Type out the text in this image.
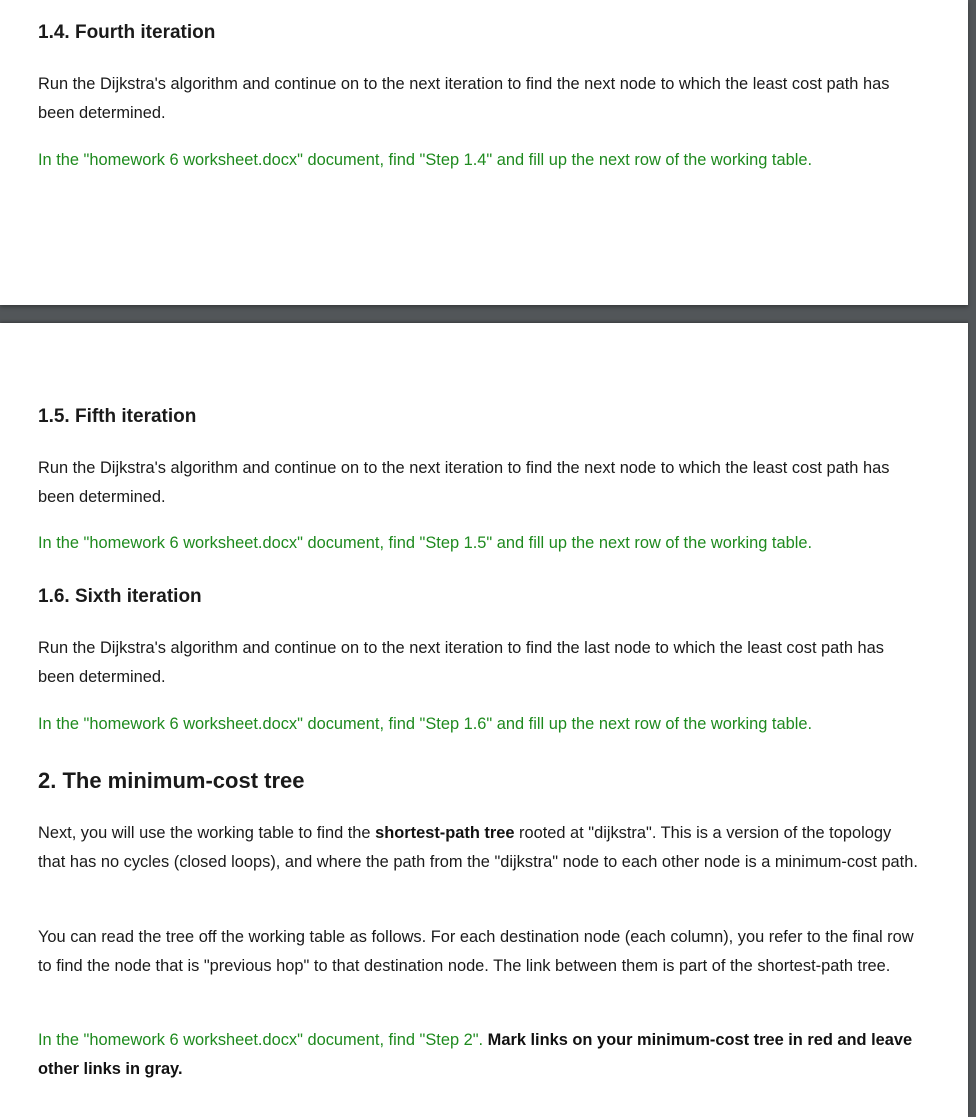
1.4. Fourth iteration

Run the Dijkstra's algorithm and continue on to the next iteration to find the next node to which the least cost path has been determined.

In the "homework 6 worksheet.docx" document, find "Step 1.4" and fill up the next row of the working table.

1.5. Fifth iteration

Run the Dijkstra's algorithm and continue on to the next iteration to find the next node to which the least cost path has been determined.

In the "homework 6 worksheet.docx" document, find "Step 1.5" and fill up the next row of the working table.

1.6. Sixth iteration

Run the Dijkstra's algorithm and continue on to the next iteration to find the last node to which the least cost path has been determined.

In the "homework 6 worksheet.docx" document, find "Step 1.6" and fill up the next row of the working table.

2. The minimum-cost tree

Next, you will use the working table to find the shortest-path tree rooted at "dijkstra". This is a version of the topology that has no cycles (closed loops), and where the path from the "dijkstra" node to each other node is a minimum-cost path.

You can read the tree off the working table as follows. For each destination node (each column), you refer to the final row to find the node that is "previous hop" to that destination node. The link between them is part of the shortest-path tree.

In the "homework 6 worksheet.docx" document, find "Step 2". Mark links on your minimum-cost tree in red and leave other links in gray.
